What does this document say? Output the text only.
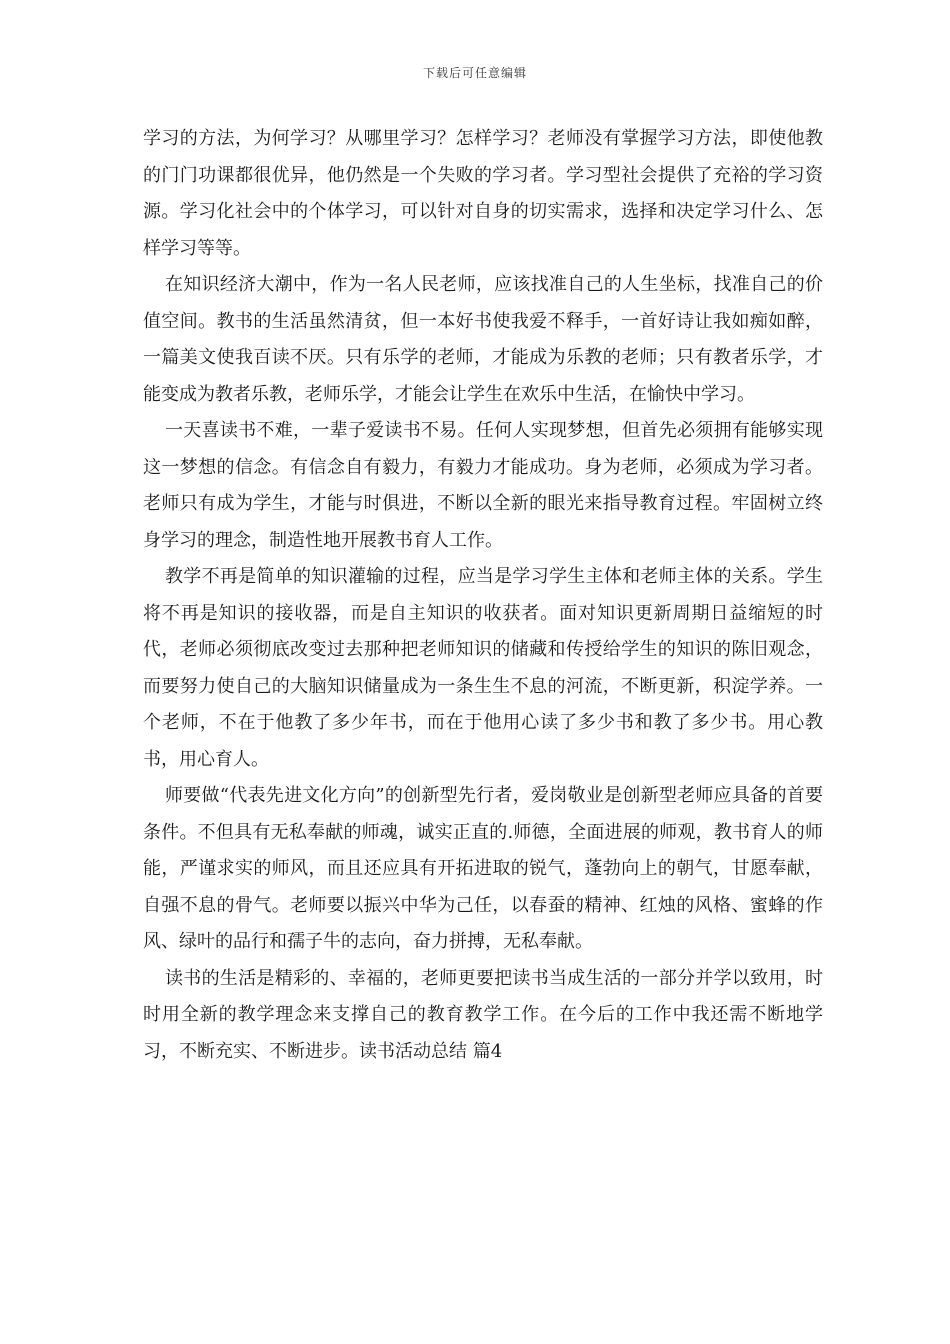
下载后可任意编辑

学习的方法，为何学习？从哪里学习？怎样学习？老师没有掌握学习方法，即使他教的门门功课都很优异，他仍然是一个失败的学习者。学习型社会提供了充裕的学习资源。学习化社会中的个体学习，可以针对自身的切实需求，选择和决定学习什么、怎样学习等等。

在知识经济大潮中，作为一名人民老师，应该找准自己的人生坐标，找准自己的价值空间。教书的生活虽然清贫，但一本好书使我爱不释手，一首好诗让我如痴如醉，一篇美文使我百读不厌。只有乐学的老师，才能成为乐教的老师；只有教者乐学，才能变成为教者乐教，老师乐学，才能会让学生在欢乐中生活，在愉快中学习。

一天喜读书不难，一辈子爱读书不易。任何人实现梦想，但首先必须拥有能够实现这一梦想的信念。有信念自有毅力，有毅力才能成功。身为老师，必须成为学习者。老师只有成为学生，才能与时俱进，不断以全新的眼光来指导教育过程。牢固树立终身学习的理念，制造性地开展教书育人工作。

教学不再是简单的知识灌输的过程，应当是学习学生主体和老师主体的关系。学生将不再是知识的接收器，而是自主知识的收获者。面对知识更新周期日益缩短的时代，老师必须彻底改变过去那种把老师知识的储藏和传授给学生的知识的陈旧观念，而要努力使自己的大脑知识储量成为一条生生不息的河流，不断更新，积淀学养。一个老师，不在于他教了多少年书，而在于他用心读了多少书和教了多少书。用心教书，用心育人。

师要做“代表先进文化方向”的创新型先行者，爱岗敬业是创新型老师应具备的首要条件。不但具有无私奉献的师魂，诚实正直的.师德，全面进展的师观，教书育人的师能，严谨求实的师风，而且还应具有开拓进取的锐气，蓬勃向上的朝气，甘愿奉献，自强不息的骨气。老师要以振兴中华为己任，以春蚕的精神、红烛的风格、蜜蜂的作风、绿叶的品行和孺子牛的志向，奋力拼搏，无私奉献。

读书的生活是精彩的、幸福的，老师更要把读书当成生活的一部分并学以致用，时时用全新的教学理念来支撑自己的教育教学工作。在今后的工作中我还需不断地学习，不断充实、不断进步。读书活动总结 篇4
